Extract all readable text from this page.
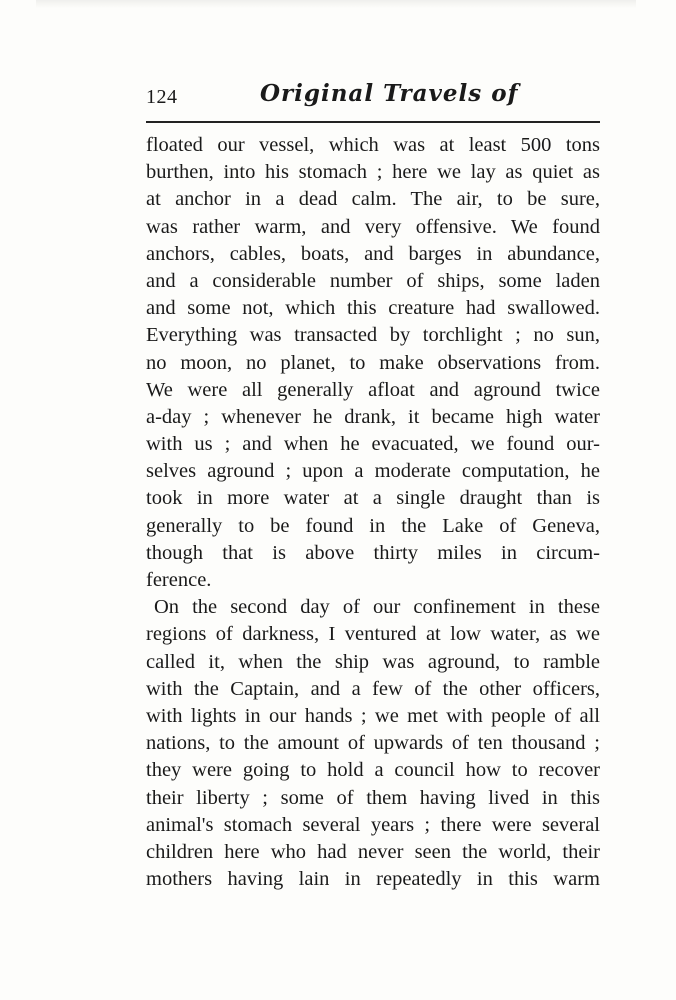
124	Original Travels of
floated our vessel, which was at least 500 tons
burthen, into his stomach ; here we lay as quiet as
at anchor in a dead calm. The air, to be sure,
was rather warm, and very offensive. We found
anchors, cables, boats, and barges in abundance,
and a considerable number of ships, some laden
and some not, which this creature had swallowed.
Everything was transacted by torchlight ; no sun,
no moon, no planet, to make observations from.
We were all generally afloat and aground twice
a-day ; whenever he drank, it became high water
with us ; and when he evacuated, we found our-
selves aground ; upon a moderate computation, he
took in more water at a single draught than is
generally to be found in the Lake of Geneva,
though that is above thirty miles in circum-
ference.
On the second day of our confinement in these
regions of darkness, I ventured at low water, as we
called it, when the ship was aground, to ramble
with the Captain, and a few of the other officers,
with lights in our hands ; we met with people of all
nations, to the amount of upwards of ten thousand ;
they were going to hold a council how to recover
their liberty ; some of them having lived in this
animal's stomach several years ; there were several
children here who had never seen the world, their
mothers having lain in repeatedly in this warm
